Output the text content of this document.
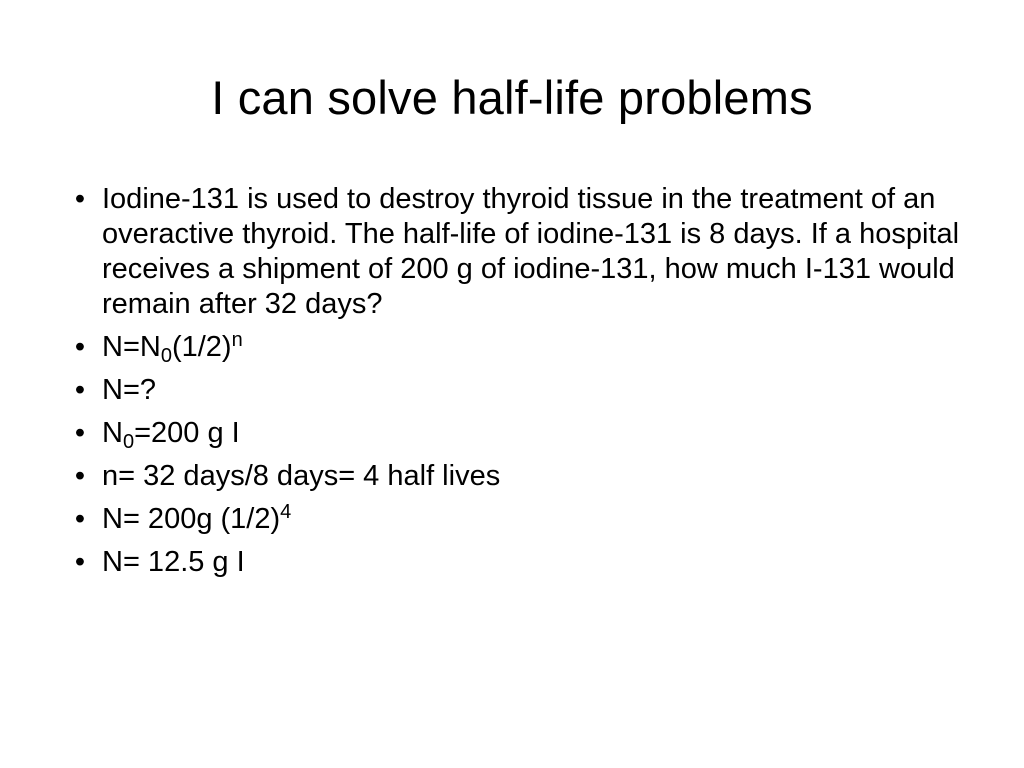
I can solve half-life problems
• Iodine-131 is used to destroy thyroid tissue in the treatment of an overactive thyroid. The half-life of iodine-131 is 8 days. If a hospital receives a shipment of 200 g of iodine-131, how much I-131 would remain after 32 days?
• $N=N_0(1/2)^n$
• N=?
• $N_0=200$ g I
• n= 32 days/8 days= 4 half lives
• N= 200g $(1/2)^4$
• N= 12.5 g I
